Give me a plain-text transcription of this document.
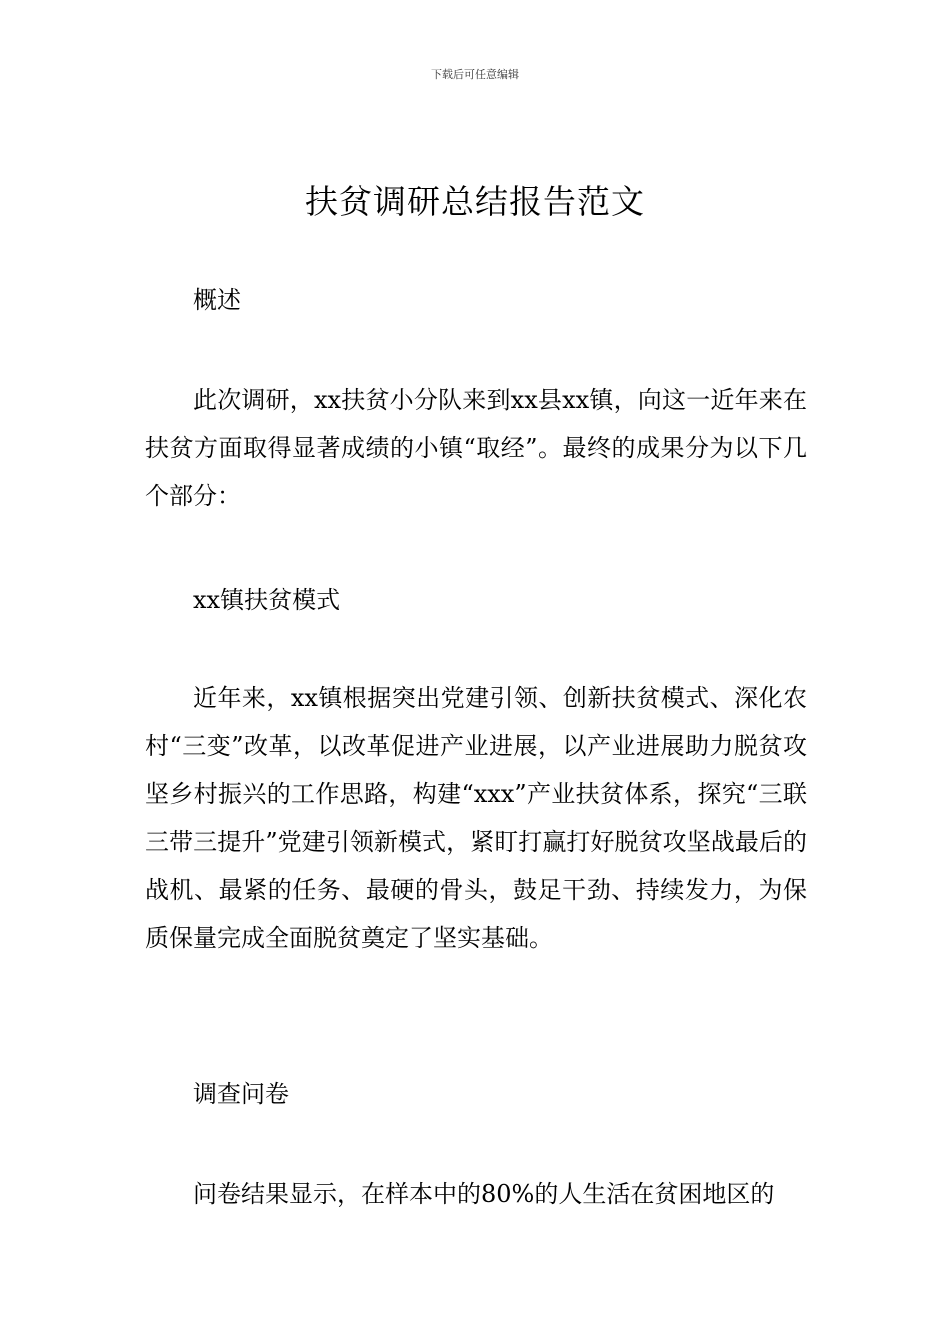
下载后可任意编辑
扶贫调研总结报告范文

概述

此次调研，xx扶贫小分队来到xx县xx镇，向这一近年来在扶贫方面取得显著成绩的小镇“取经”。最终的成果分为以下几个部分：

xx镇扶贫模式

近年来，xx镇根据突出党建引领、创新扶贫模式、深化农村“三变”改革，以改革促进产业进展，以产业进展助力脱贫攻坚乡村振兴的工作思路，构建“xxx”产业扶贫体系，探究“三联三带三提升”党建引领新模式，紧盯打赢打好脱贫攻坚战最后的战机、最紧的任务、最硬的骨头，鼓足干劲、持续发力，为保质保量完成全面脱贫奠定了坚实基础。

调查问卷

问卷结果显示，在样本中的80%的人生活在贫困地区的
